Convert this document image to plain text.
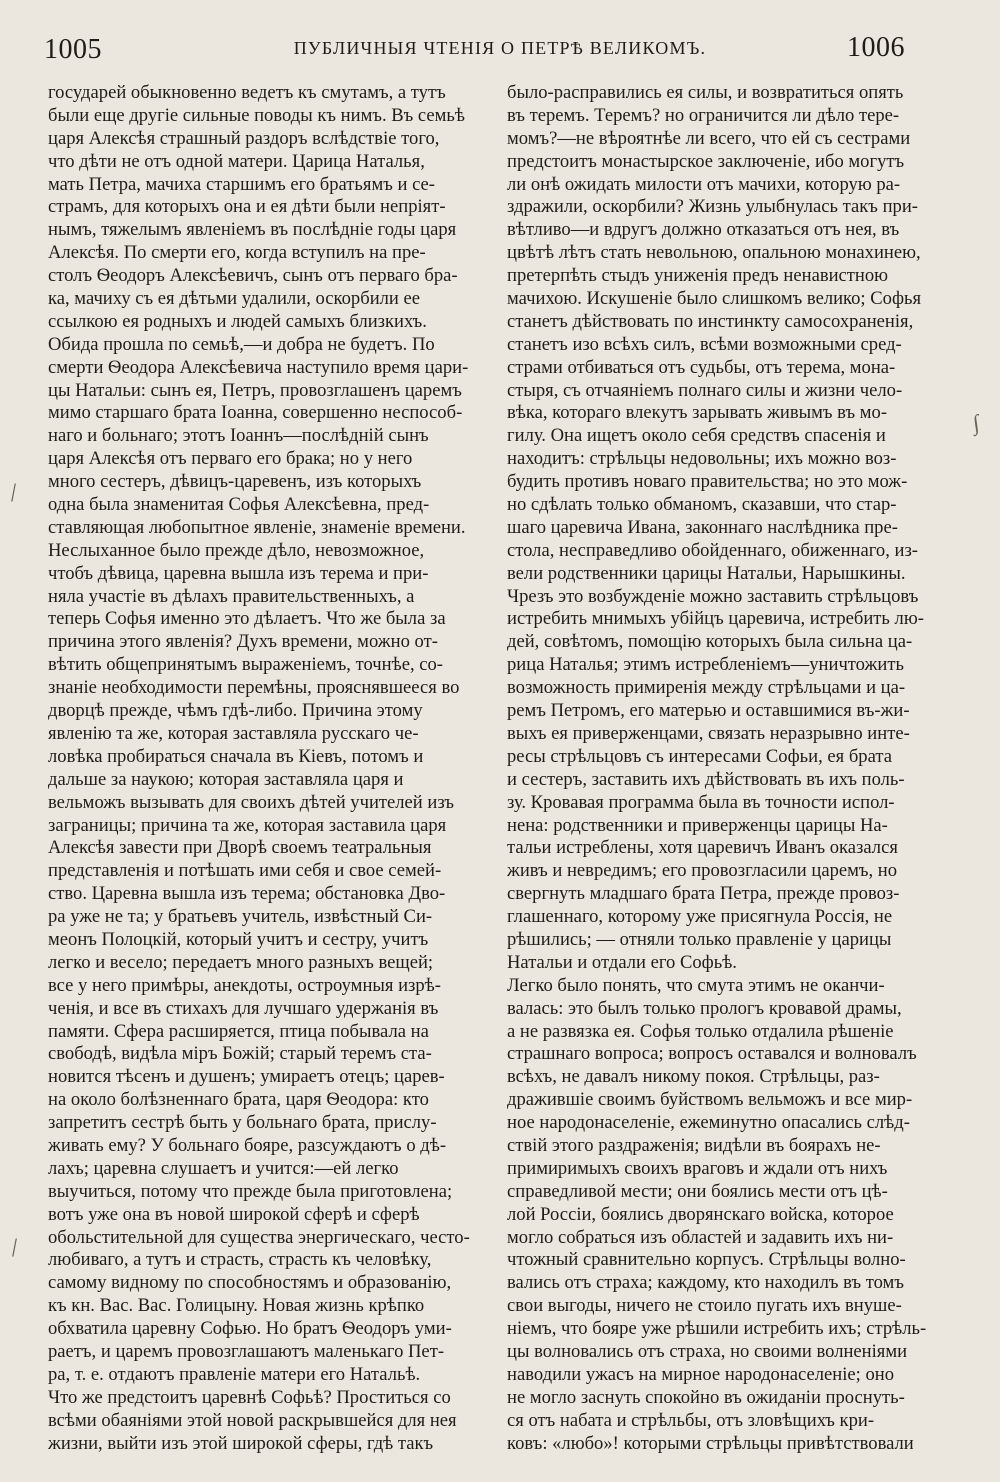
1005	ПУБЛИЧНЫЯ ЧТЕНІЯ О ПЕТРѢ ВЕЛИКОМЪ.	1006
государей обыкновенно ведетъ къ смутамъ, а тутъ
были еще другіе сильные поводы къ нимъ. Въ семьѣ
царя Алексѣя страшный раздоръ вслѣдствіе того,
что дѣти не отъ одной матери. Царица Наталья,
мать Петра, мачиха старшимъ его братьямъ и се-
страмъ, для которыхъ она и ея дѣти были непріят-
нымъ, тяжелымъ явленіемъ въ послѣдніе годы царя
Алексѣя. По смерти его, когда вступилъ на пре-
столъ Ѳеодоръ Алексѣевичъ, сынъ отъ перваго бра-
ка, мачиху съ ея дѣтьми удалили, оскорбили ее
ссылкою ея родныхъ и людей самыхъ близкихъ.
Обида прошла по семьѣ,—и добра не будетъ. По
смерти Ѳеодора Алексѣевича наступило время цари-
цы Натальи: сынъ ея, Петръ, провозглашенъ царемъ
мимо старшаго брата Іоанна, совершенно неспособ-
наго и больнаго; этотъ Іоаннъ—послѣдній сынъ
царя Алексѣя отъ перваго его брака; но у него
много сестеръ, дѣвицъ-царевенъ, изъ которыхъ
одна была знаменитая Софья Алексѣевна, пред-
ставляющая любопытное явленіе, знаменіе времени.
Неслыханное было прежде дѣло, невозможное,
чтобъ дѣвица, царевна вышла изъ терема и при-
няла участіе въ дѣлахъ правительственныхъ, а
теперь Софья именно это дѣлаетъ. Что же была за
причина этого явленія? Духъ времени, можно от-
вѣтить общепринятымъ выраженіемъ, точнѣе, со-
знаніе необходимости перемѣны, прояснявшееся во
дворцѣ прежде, чѣмъ гдѣ-либо. Причина этому
явленію та же, которая заставляла русскаго че-
ловѣка пробираться сначала въ Кіевъ, потомъ и
дальше за наукою; которая заставляла царя и
вельможъ вызывать для своихъ дѣтей учителей изъ
заграницы; причина та же, которая заставила царя
Алексѣя завести при Дворѣ своемъ театральныя
представленія и потѣшать ими себя и свое семей-
ство. Царевна вышла изъ терема; обстановка Дво-
ра уже не та; у братьевъ учитель, извѣстный Си-
меонъ Полоцкій, который учитъ и сестру, учитъ
легко и весело; передаетъ много разныхъ вещей;
все у него примѣры, анекдоты, остроумныя изрѣ-
ченія, и все въ стихахъ для лучшаго удержанія въ
памяти. Сфера расширяется, птица побывала на
свободѣ, видѣла міръ Божій; старый теремъ ста-
новится тѣсенъ и душенъ; умираетъ отецъ; царев-
на около болѣзненнаго брата, царя Ѳеодора: кто
запретитъ сестрѣ быть у больнаго брата, прислу-
живать ему? У больнаго бояре, разсуждаютъ о дѣ-
лахъ; царевна слушаетъ и учится:—ей легко
выучиться, потому что прежде была приготовлена;
вотъ уже она въ новой широкой сферѣ и сферѣ
обольстительной для существа энергическаго, често-
любиваго, а тутъ и страсть, страсть къ человѣку,
самому видному по способностямъ и образованію,
къ кн. Вас. Вас. Голицыну. Новая жизнь крѣпко
обхватила царевну Софью. Но братъ Ѳеодоръ уми-
раетъ, и царемъ провозглашаютъ маленькаго Пет-
ра, т. е. отдаютъ правленіе матери его Натальѣ.
Что же предстоитъ царевнѣ Софьѣ? Проститься со
всѣми обаяніями этой новой раскрывшейся для нея
жизни, выйти изъ этой широкой сферы, гдѣ такъ
было-расправились ея силы, и возвратиться опять
въ теремъ. Теремъ? но ограничится ли дѣло тере-
момъ?—не вѣроятнѣе ли всего, что ей съ сестрами
предстоитъ монастырское заключеніе, ибо могутъ
ли онѣ ожидать милости отъ мачихи, которую ра-
здражили, оскорбили? Жизнь улыбнулась такъ при-
вѣтливо—и вдругъ должно отказаться отъ нея, въ
цвѣтѣ лѣтъ стать невольною, опальною монахинею,
претерпѣть стыдъ униженія предъ ненавистною
мачихою. Искушеніе было слишкомъ велико; Софья
станетъ дѣйствовать по инстинкту самосохраненія,
станетъ изо всѣхъ силъ, всѣми возможными сред-
страми отбиваться отъ судьбы, отъ терема, мона-
стыря, съ отчаяніемъ полнаго силы и жизни чело-
вѣка, которагo влекутъ зарывать живымъ въ мо-
гилу. Она ищетъ около себя средствъ спасенія и
находитъ: стрѣльцы недовольны; ихъ можно воз-
будить противъ новаго правительства; но это мож-
но сдѣлать только обманомъ, сказавши, что стар-
шаго царевича Ивана, законнаго наслѣдника пре-
стола, несправедливо обойденнаго, обиженнаго, из-
вели родственники царицы Натальи, Нарышкины.
Чрезъ это возбужденіе можно заставить стрѣльцовъ
истребить мнимыхъ убійцъ царевича, истребить лю-
дей, совѣтомъ, помощію которыхъ была сильна ца-
рица Наталья; этимъ истребленіемъ—уничтожить
возможность примиренія между стрѣльцами и ца-
ремъ Петромъ, его матерью и оставшимися въ-жи-
выхъ ея приверженцами, связать неразрывно инте-
ресы стрѣльцовъ съ интересами Софьи, ея брата
и сестеръ, заставить ихъ дѣйствовать въ ихъ поль-
зу. Кровавая программа была въ точности испол-
нена: родственники и приверженцы царицы На-
тальи истреблены, хотя царевичъ Иванъ оказался
живъ и невредимъ; его провозгласили царемъ, но
свергнуть младшаго брата Петра, прежде провоз-
глашеннаго, которому уже присягнула Россія, не
рѣшились; — отняли только правленіе у царицы
Натальи и отдали его Софьѣ.
Легко было понять, что смута этимъ не оканчи-
валась: это былъ только прологъ кровавой драмы,
а не развязка ея. Софья только отдалила рѣшеніе
страшнаго вопроса; вопросъ оставался и волновалъ
всѣхъ, не давалъ никому покоя. Стрѣльцы, раз-
дражившіе своимъ буйствомъ вельможъ и все мир-
ное народонаселеніе, ежеминутно опасались слѣд-
ствій этого раздраженія; видѣли въ бояpахъ не-
примиримыхъ своихъ враговъ и ждали отъ нихъ
справедливой мести; они боялись мести отъ цѣ-
лой Россіи, боялись дворянскаго войска, которое
могло собраться изъ областей и задавить ихъ ни-
чтожный сравнительно корпусъ. Стрѣльцы волно-
вались отъ страха; каждому, кто находилъ въ томъ
свои выгоды, ничего не стоило пугать ихъ внуше-
ніемъ, что бояре уже рѣшили истребить ихъ; стрѣль-
цы волновались отъ страха, но своими волненіями
наводили ужасъ на мирное народонаселеніе; оно
не могло заснуть спокойно въ ожиданіи проснуть-
ся отъ набата и стрѣльбы, отъ зловѣщихъ кри-
ковъ: «любо»! которыми стрѣльцы привѣтствовали
/
/
∫
